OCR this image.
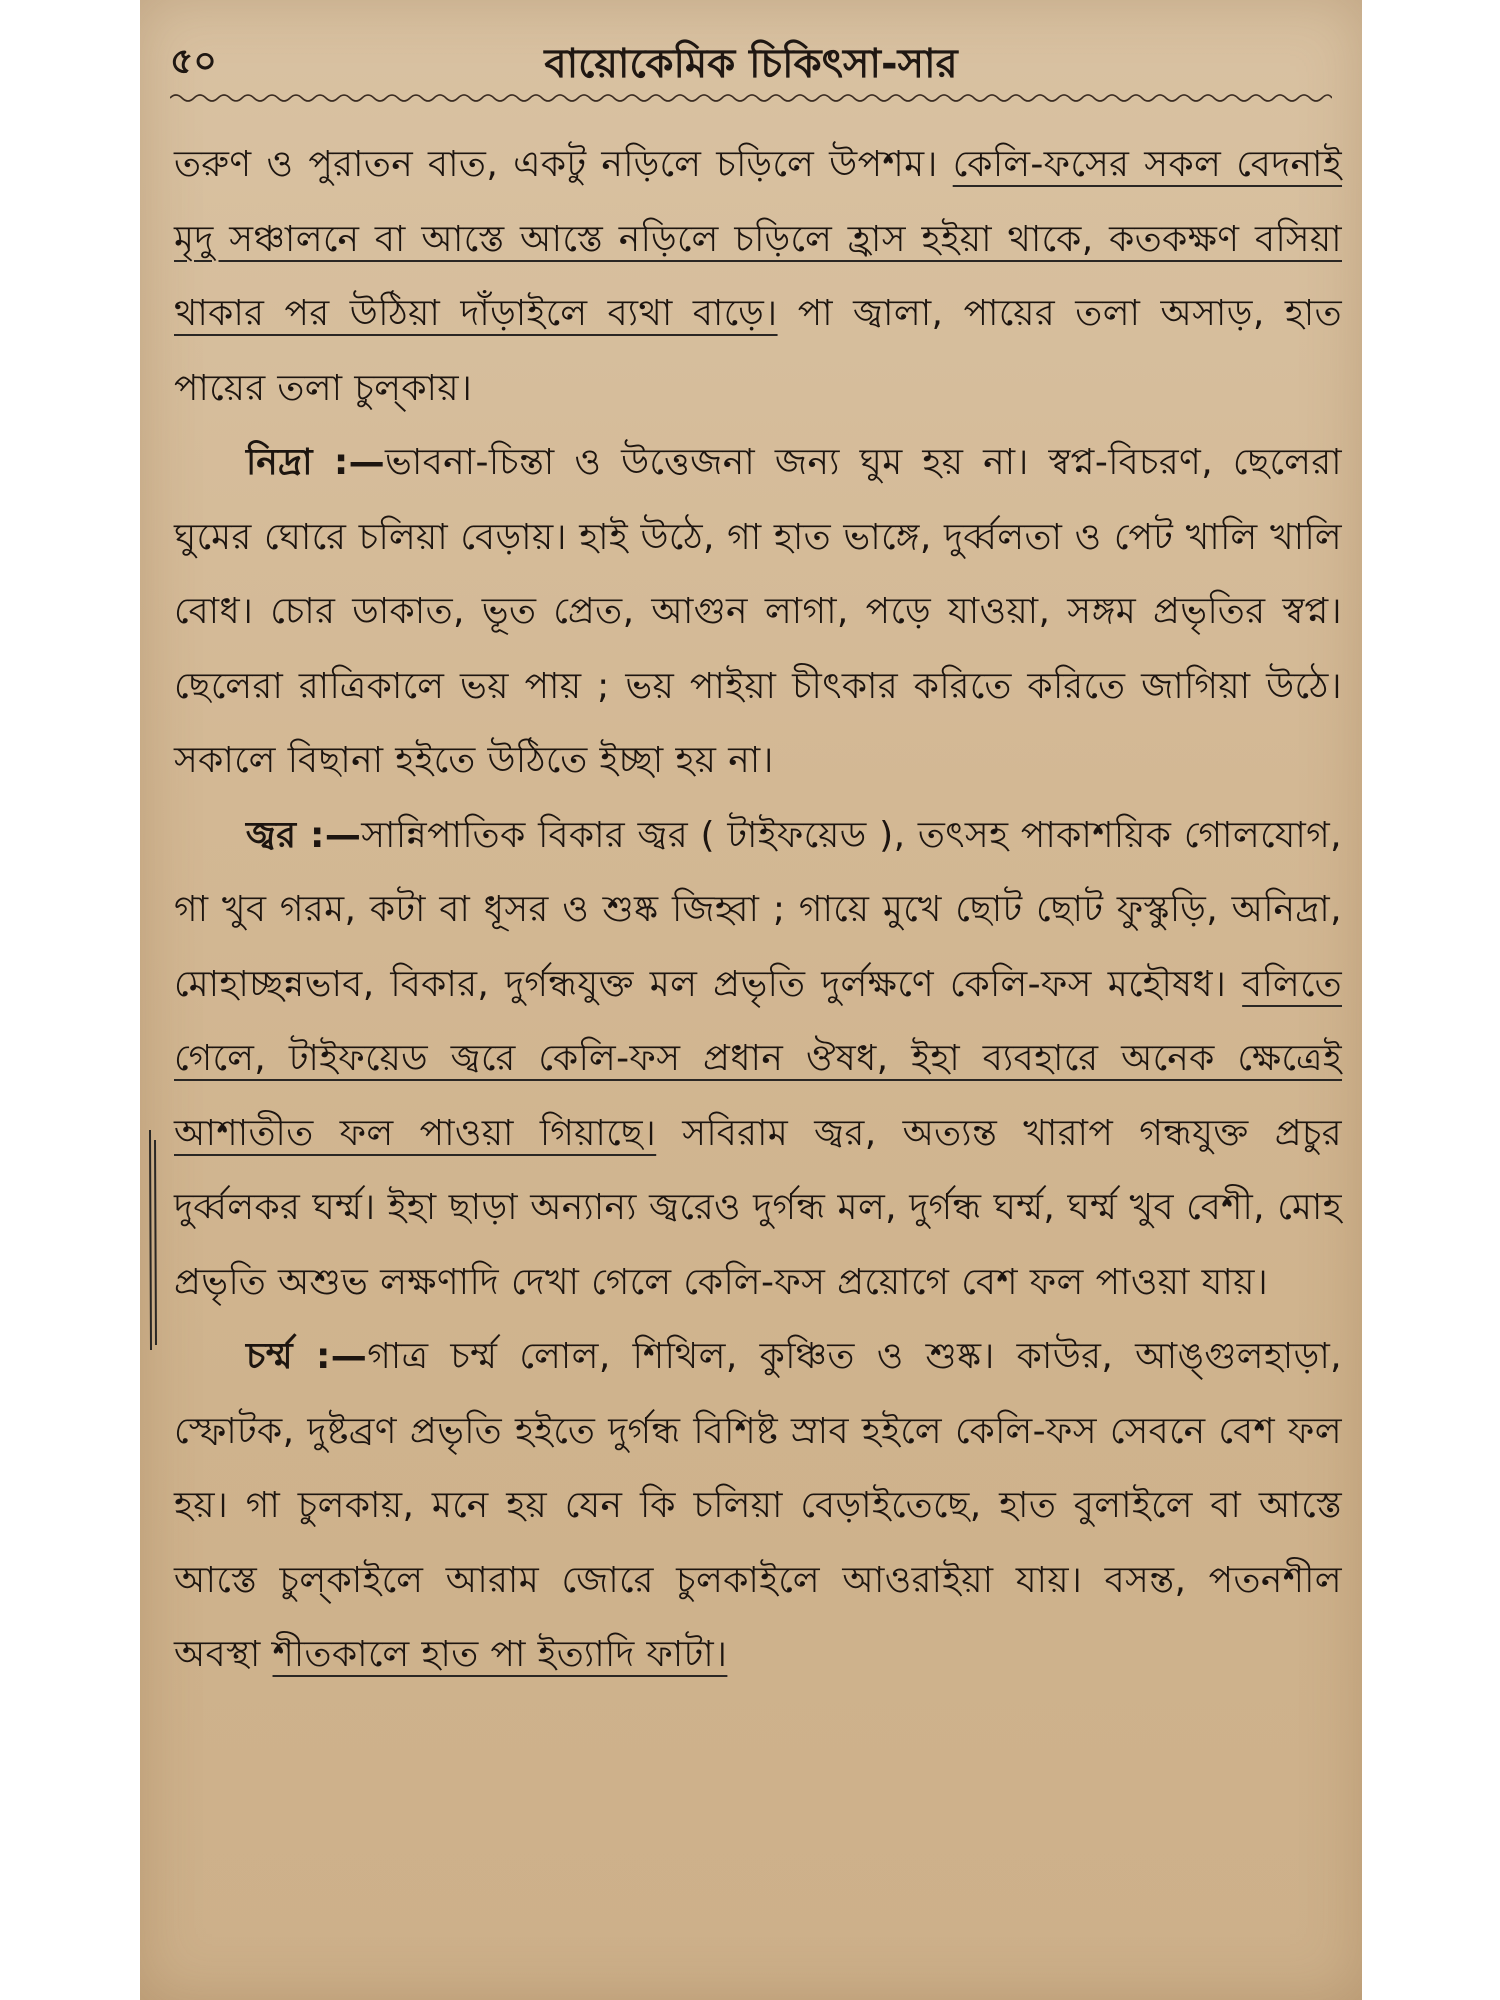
৫০	বায়োকেমিক চিকিৎসা-সার

তরুণ ও পুরাতন বাত, একটু নড়িলে চড়িলে উপশম। কেলি-ফসের সকল বেদনাই মৃদু সঞ্চালনে বা আস্তে আস্তে নড়িলে চড়িলে হ্রাস হইয়া থাকে, কতকক্ষণ বসিয়া থাকার পর উঠিয়া দাঁড়াইলে ব্যথা বাড়ে। পা জ্বালা, পায়ের তলা অসাড়, হাত পায়ের তলা চুল্‌কায়।

নিদ্রা :—ভাবনা-চিন্তা ও উত্তেজনা জন্য ঘুম হয় না। স্বপ্ন-বিচরণ, ছেলেরা ঘুমের ঘোরে চলিয়া বেড়ায়। হাই উঠে, গা হাত ভাঙ্গে, দুর্ব্বলতা ও পেট খালি খালি বোধ। চোর ডাকাত, ভূত প্রেত, আগুন লাগা, পড়ে যাওয়া, সঙ্গম প্রভৃতির স্বপ্ন। ছেলেরা রাত্রিকালে ভয় পায় ; ভয় পাইয়া চীৎকার করিতে করিতে জাগিয়া উঠে। সকালে বিছানা হইতে উঠিতে ইচ্ছা হয় না।

জ্বর :—সান্নিপাতিক বিকার জ্বর ( টাইফয়েড ), তৎসহ পাকাশয়িক গোলযোগ, গা খুব গরম, কটা বা ধূসর ও শুষ্ক জিহ্বা ; গায়ে মুখে ছোট ছোট ফুস্কুড়ি, অনিদ্রা, মোহাচ্ছন্নভাব, বিকার, দুর্গন্ধযুক্ত মল প্রভৃতি দুর্লক্ষণে কেলি-ফস মহৌষধ। বলিতে গেলে, টাইফয়েড জ্বরে কেলি-ফস প্রধান ঔষধ, ইহা ব্যবহারে অনেক ক্ষেত্রেই আশাতীত ফল পাওয়া গিয়াছে। সবিরাম জ্বর, অত্যন্ত খারাপ গন্ধযুক্ত প্রচুর দুর্ব্বলকর ঘর্ম্ম। ইহা ছাড়া অন্যান্য জ্বরেও দুর্গন্ধ মল, দুর্গন্ধ ঘর্ম্ম, ঘর্ম্ম খুব বেশী, মোহ প্রভৃতি অশুভ লক্ষণাদি দেখা গেলে কেলি-ফস প্রয়োগে বেশ ফল পাওয়া যায়।

চর্ম্ম :—গাত্র চর্ম্ম লোল, শিথিল, কুঞ্চিত ও শুষ্ক। কাউর, আঙ্গুলহাড়া, স্ফোটক, দুষ্টব্রণ প্রভৃতি হইতে দুর্গন্ধ বিশিষ্ট স্রাব হইলে কেলি-ফস সেবনে বেশ ফল হয়। গা চুলকায়, মনে হয় যেন কি চলিয়া বেড়াইতেছে, হাত বুলাইলে বা আস্তে আস্তে চুল্‌কাইলে আরাম জোরে চুলকাইলে আওরাইয়া যায়। বসন্ত, পতনশীল অবস্থা শীতকালে হাত পা ইত্যাদি ফাটা।
